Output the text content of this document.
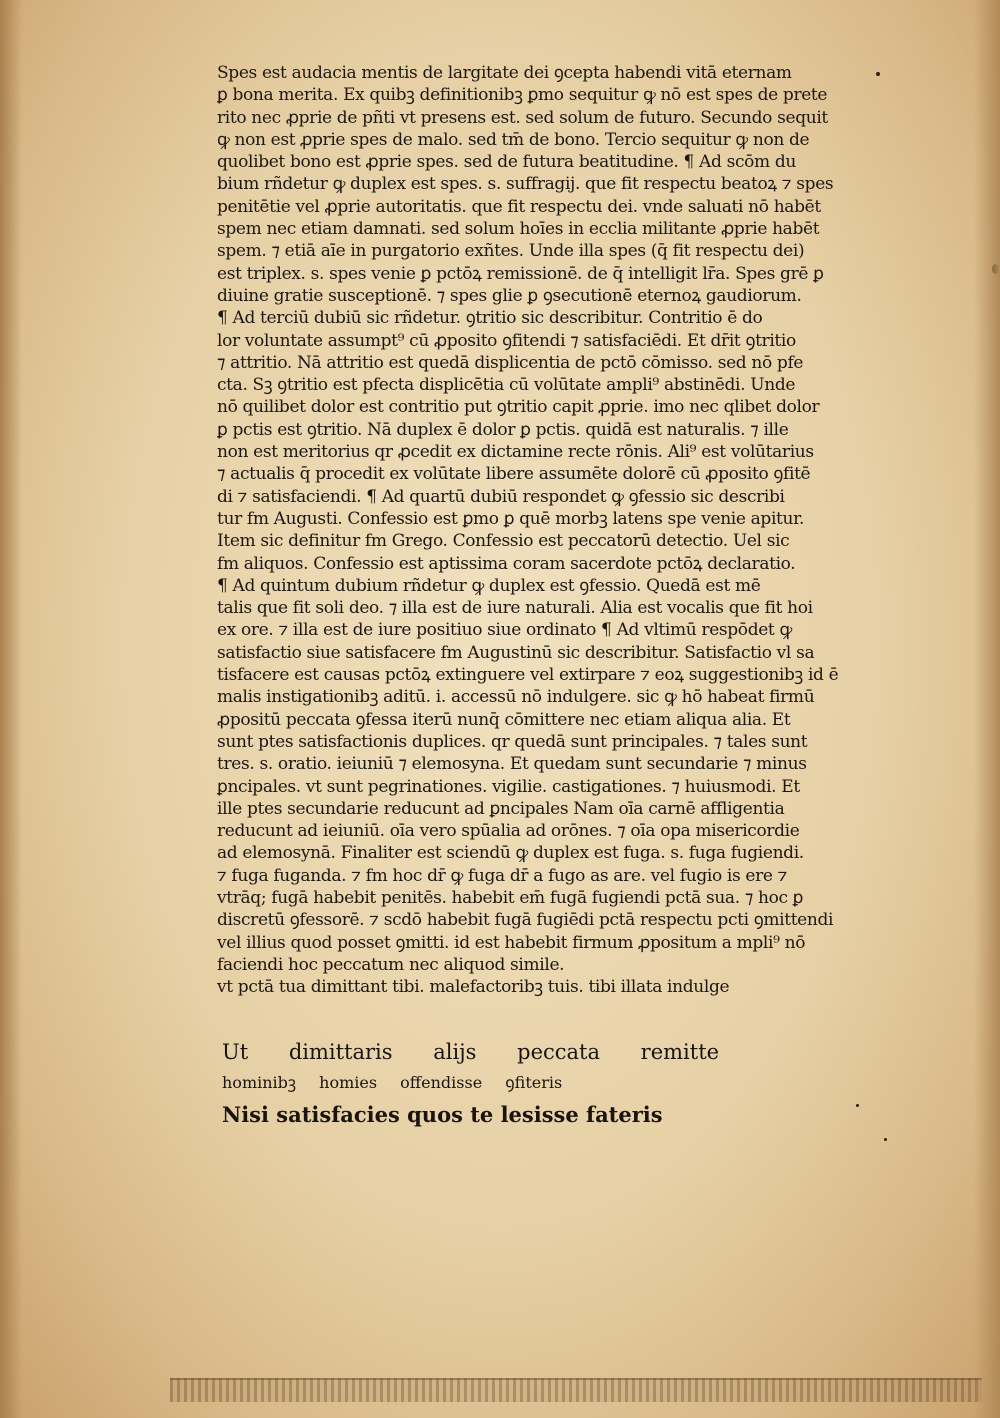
Spes est audacia mentis de largitate dei ꝯcepta habendi vitā eternam
ꝑ bona merita. Ex quibꝫ definitionibꝫ ꝑmo sequitur ꝙ nō est spes de prete
rito nec ꝓprie de pñti vt presens est. sed solum de futuro. Secundo sequit
ꝙ non est ꝓprie spes de malo. sed tm̄ de bono. Tercio sequitur ꝙ non de
quolibet bono est ꝓprie spes. sed de futura beatitudine. ¶ Ad scōm du
bium rñdetur ꝙ duplex est spes. s. suffragij. que fit respectu beatoꝝ ⁊ spes
penitētie vel ꝓprie autoritatis. que fit respectu dei. vnde saluati nō habēt
spem nec etiam damnati. sed solum hoīes in ecclia militante ꝓprie habēt
spem. ⁊ etiā aīe in purgatorio exñtes. Unde illa spes (q̄ fit respectu dei)
est triplex. s. spes venie ꝑ pctōꝝ remissionē. de q̄ intelligit lr̄a. Spes grē ꝑ
diuine gratie susceptionē. ⁊ spes glie ꝑ ꝯsecutionē eternoꝝ gaudiorum.
¶ Ad terciū dubiū sic rñdetur. ꝯtritio sic describitur. Contritio ē do
lor voluntate assumpt⁹ cū ꝓposito ꝯfitendi ⁊ satisfaciēdi. Et dr̄it ꝯtritio
⁊ attritio. Nā attritio est quedā displicentia de pctō cōmisso. sed nō pfe
cta. Sꝫ ꝯtritio est pfecta displicētia cū volūtate ampli⁹ abstinēdi. Unde
nō quilibet dolor est contritio put ꝯtritio capit ꝓprie. imo nec qlibet dolor
ꝑ pctis est ꝯtritio. Nā duplex ē dolor ꝑ pctis. quidā est naturalis. ⁊ ille
non est meritorius qr ꝓcedit ex dictamine recte rōnis. Ali⁹ est volūtarius
⁊ actualis q̄ procedit ex volūtate libere assumēte dolorē cū ꝓposito ꝯfitē
di ⁊ satisfaciendi. ¶ Ad quartū dubiū respondet ꝙ ꝯfessio sic describi
tur fm Augusti. Confessio est ꝑmo ꝑ quē morbꝫ latens spe venie apitur.
Item sic definitur fm Grego. Confessio est peccatorū detectio. Uel sic
fm aliquos. Confessio est aptissima coram sacerdote pctōꝝ declaratio.
¶ Ad quintum dubium rñdetur ꝙ duplex est ꝯfessio. Quedā est mē
talis que fit soli deo. ⁊ illa est de iure naturali. Alia est vocalis que fit hoi
ex ore. ⁊ illa est de iure positiuo siue ordinato ¶ Ad vltimū respōdet ꝙ
satisfactio siue satisfacere fm Augustinū sic describitur. Satisfactio vl sa
tisfacere est causas pctōꝝ extinguere vel extirpare ⁊ eoꝝ suggestionibꝫ id ē
malis instigationibꝫ aditū. i. accessū nō indulgere. sic ꝙ hō habeat firmū
ꝓpositū peccata ꝯfessa iterū nunq̄ cōmittere nec etiam aliqua alia. Et
sunt ptes satisfactionis duplices. qr quedā sunt principales. ⁊ tales sunt
tres. s. oratio. ieiuniū ⁊ elemosyna. Et quedam sunt secundarie ⁊ minus
ꝑncipales. vt sunt pegrinationes. vigilie. castigationes. ⁊ huiusmodi. Et
ille ptes secundarie reducunt ad ꝑncipales Nam oīa carnē affligentia
reducunt ad ieiuniū. oīa vero spūalia ad orōnes. ⁊ oīa opa misericordie
ad elemosynā. Finaliter est sciendū ꝙ duplex est fuga. s. fuga fugiendi.
⁊ fuga fuganda. ⁊ fm hoc dr̄ ꝙ fuga dr̄ a fugo as are. vel fugio is ere ⁊
vtrāq; fugā habebit penitēs. habebit em̄ fugā fugiendi pctā sua. ⁊ hoc ꝑ
discretū ꝯfessorē. ⁊ scdō habebit fugā fugiēdi pctā respectu pcti ꝯmittendi
vel illius quod posset ꝯmitti. id est habebit firmum ꝓpositum a mpli⁹ nō
faciendi hoc peccatum nec aliquod simile.
vt pctā tua dimittant tibi. malefactoribꝫ tuis. tibi illata indulge
Ut dimittaris alijs peccata remitte
hominibꝫ homies offendisse ꝯfiteris
Nisi satisfacies quos te lesisse fateris
